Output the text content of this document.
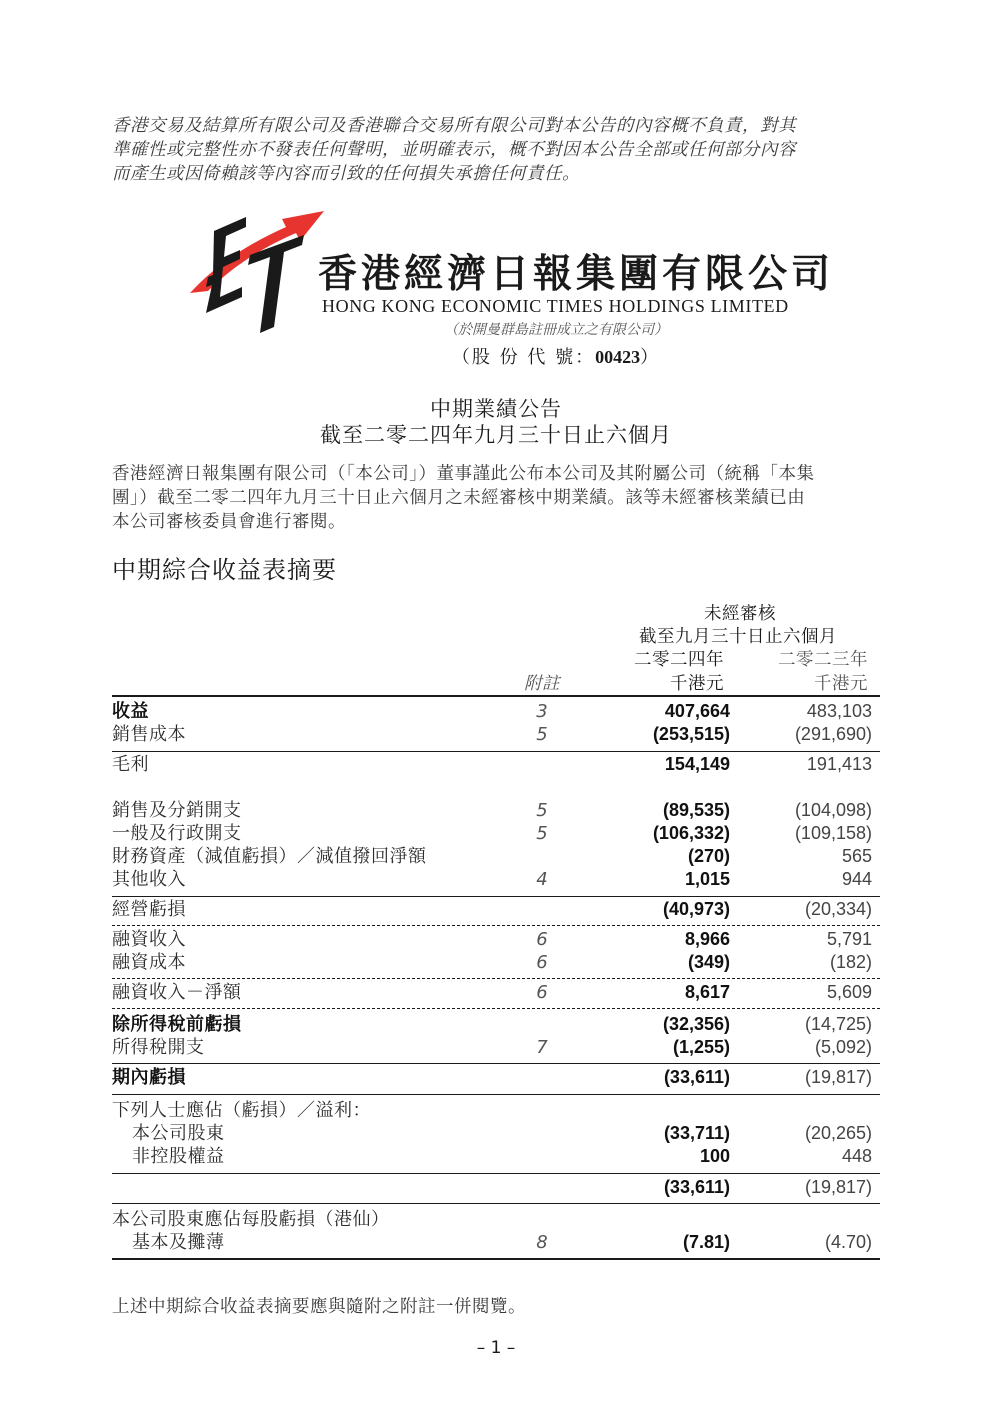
香港交易及結算所有限公司及香港聯合交易所有限公司對本公告的內容概不負責，對其
準確性或完整性亦不發表任何聲明，並明確表示，概不對因本公告全部或任何部分內容
而產生或因倚賴該等內容而引致的任何損失承擔任何責任。
香港經濟日報集團有限公司
HONG KONG ECONOMIC TIMES HOLDINGS LIMITED
（於開曼群島註冊成立之有限公司）
（股 份 代 號：00423）
中期業績公告
截至二零二四年九月三十日止六個月
香港經濟日報集團有限公司（「本公司」）董事謹此公布本公司及其附屬公司（統稱「本集
團」）截至二零二四年九月三十日止六個月之未經審核中期業績。該等未經審核業績已由
本公司審核委員會進行審閱。
中期綜合收益表摘要
未經審核
截至九月三十日止六個月
二零二四年	二零二三年
附註	千港元	千港元
收益	3	407,664	483,103
銷售成本	5	(253,515)	(291,690)
毛利	154,149	191,413
銷售及分銷開支	5	(89,535)	(104,098)
一般及行政開支	5	(106,332)	(109,158)
財務資產（減值虧損）／減值撥回淨額	(270)	565
其他收入	4	1,015	944
經營虧損	(40,973)	(20,334)
融資收入	6	8,966	5,791
融資成本	6	(349)	(182)
融資收入－淨額	6	8,617	5,609
除所得稅前虧損	(32,356)	(14,725)
所得稅開支	7	(1,255)	(5,092)
期內虧損	(33,611)	(19,817)
下列人士應佔（虧損）／溢利：
本公司股東	(33,711)	(20,265)
非控股權益	100	448
(33,611)	(19,817)
本公司股東應佔每股虧損（港仙）
基本及攤薄	8	(7.81)	(4.70)
上述中期綜合收益表摘要應與隨附之附註一併閱覽。
– 1 –
